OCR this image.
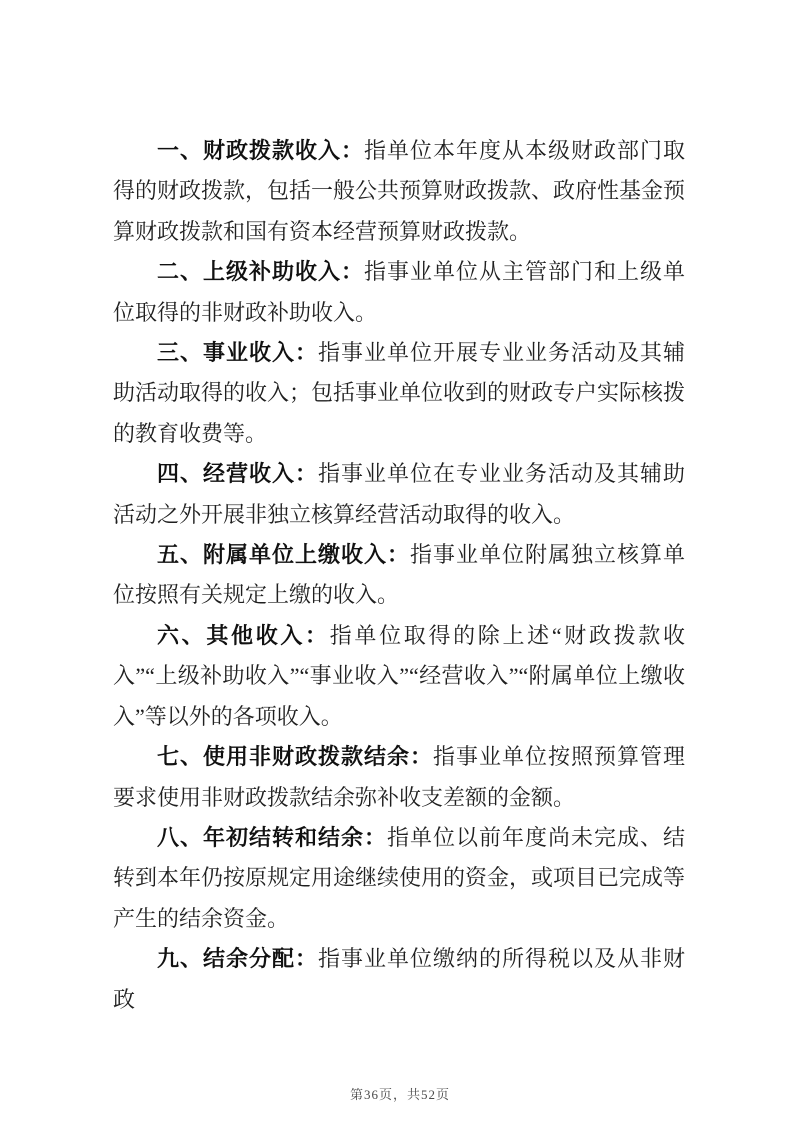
一、财政拨款收入：指单位本年度从本级财政部门取得的财政拨款，包括一般公共预算财政拨款、政府性基金预算财政拨款和国有资本经营预算财政拨款。

二、上级补助收入：指事业单位从主管部门和上级单位取得的非财政补助收入。

三、事业收入：指事业单位开展专业业务活动及其辅助活动取得的收入；包括事业单位收到的财政专户实际核拨的教育收费等。

四、经营收入：指事业单位在专业业务活动及其辅助活动之外开展非独立核算经营活动取得的收入。

五、附属单位上缴收入：指事业单位附属独立核算单位按照有关规定上缴的收入。

六、其他收入：指单位取得的除上述“财政拨款收入”“上级补助收入”“事业收入”“经营收入”“附属单位上缴收入”等以外的各项收入。

七、使用非财政拨款结余：指事业单位按照预算管理要求使用非财政拨款结余弥补收支差额的金额。

八、年初结转和结余：指单位以前年度尚未完成、结转到本年仍按原规定用途继续使用的资金，或项目已完成等产生的结余资金。

九、结余分配：指事业单位缴纳的所得税以及从非财政

第36页，共52页
